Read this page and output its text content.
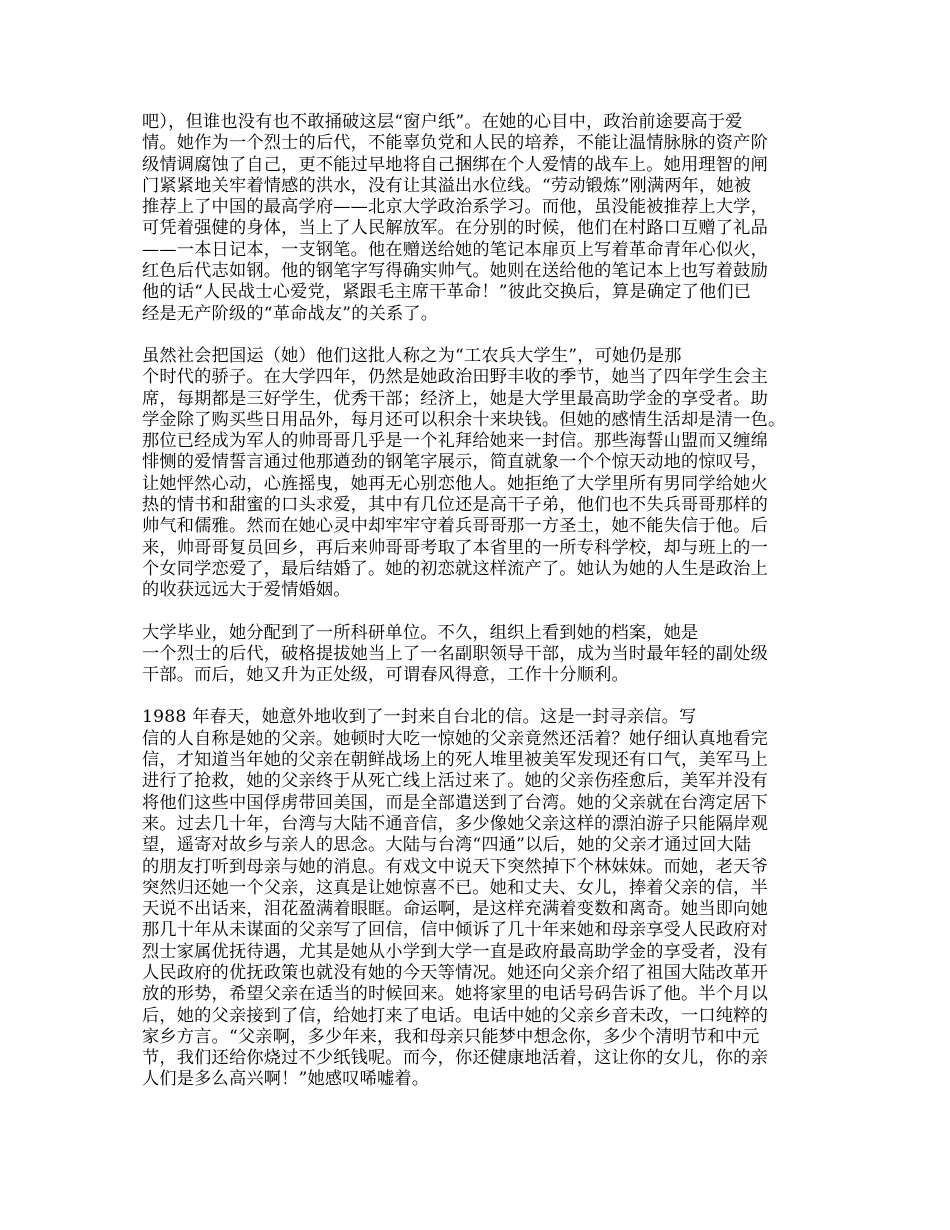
吧），但谁也没有也不敢捅破这层“窗户纸”。在她的心目中，政治前途要高于爱
情。她作为一个烈士的后代，不能辜负党和人民的培养，不能让温情脉脉的资产阶
级情调腐蚀了自己，更不能过早地将自己捆绑在个人爱情的战车上。她用理智的闸
门紧紧地关牢着情感的洪水，没有让其溢出水位线。“劳动锻炼”刚满两年，她被
推荐上了中国的最高学府——北京大学政治系学习。而他，虽没能被推荐上大学，
可凭着强健的身体，当上了人民解放军。在分别的时候，他们在村路口互赠了礼品
——一本日记本，一支钢笔。他在赠送给她的笔记本扉页上写着革命青年心似火，
红色后代志如钢。他的钢笔字写得确实帅气。她则在送给他的笔记本上也写着鼓励
他的话“人民战士心爱党，紧跟毛主席干革命！”彼此交换后，算是确定了他们已
经是无产阶级的“革命战友”的关系了。

虽然社会把国运（她）他们这批人称之为“工农兵大学生”，可她仍是那
个时代的骄子。在大学四年，仍然是她政治田野丰收的季节，她当了四年学生会主
席，每期都是三好学生，优秀干部；经济上，她是大学里最高助学金的享受者。助
学金除了购买些日用品外，每月还可以积余十来块钱。但她的感情生活却是清一色。
那位已经成为军人的帅哥哥几乎是一个礼拜给她来一封信。那些海誓山盟而又缠绵
悱恻的爱情誓言通过他那遒劲的钢笔字展示，简直就象一个个惊天动地的惊叹号，
让她怦然心动，心旌摇曳，她再无心别恋他人。她拒绝了大学里所有男同学给她火
热的情书和甜蜜的口头求爱，其中有几位还是高干子弟，他们也不失兵哥哥那样的
帅气和儒雅。然而在她心灵中却牢牢守着兵哥哥那一方圣土，她不能失信于他。后
来，帅哥哥复员回乡，再后来帅哥哥考取了本省里的一所专科学校，却与班上的一
个女同学恋爱了，最后结婚了。她的初恋就这样流产了。她认为她的人生是政治上
的收获远远大于爱情婚姻。

大学毕业，她分配到了一所科研单位。不久，组织上看到她的档案，她是
一个烈士的后代，破格提拔她当上了一名副职领导干部，成为当时最年轻的副处级
干部。而后，她又升为正处级，可谓春风得意，工作十分顺利。

1988 年春天，她意外地收到了一封来自台北的信。这是一封寻亲信。写
信的人自称是她的父亲。她顿时大吃一惊她的父亲竟然还活着？她仔细认真地看完
信，才知道当年她的父亲在朝鲜战场上的死人堆里被美军发现还有口气，美军马上
进行了抢救，她的父亲终于从死亡线上活过来了。她的父亲伤痊愈后，美军并没有
将他们这些中国俘虏带回美国，而是全部遣送到了台湾。她的父亲就在台湾定居下
来。过去几十年，台湾与大陆不通音信，多少像她父亲这样的漂泊游子只能隔岸观
望，遥寄对故乡与亲人的思念。大陆与台湾“四通”以后，她的父亲才通过回大陆
的朋友打听到母亲与她的消息。有戏文中说天下突然掉下个林妹妹。而她，老天爷
突然归还她一个父亲，这真是让她惊喜不已。她和丈夫、女儿，捧着父亲的信，半
天说不出话来，泪花盈满着眼眶。命运啊，是这样充满着变数和离奇。她当即向她
那几十年从未谋面的父亲写了回信，信中倾诉了几十年来她和母亲享受人民政府对
烈士家属优抚待遇，尤其是她从小学到大学一直是政府最高助学金的享受者，没有
人民政府的优抚政策也就没有她的今天等情况。她还向父亲介绍了祖国大陆改革开
放的形势，希望父亲在适当的时候回来。她将家里的电话号码告诉了他。半个月以
后，她的父亲接到了信，给她打来了电话。电话中她的父亲乡音未改，一口纯粹的
家乡方言。“父亲啊，多少年来，我和母亲只能梦中想念你，多少个清明节和中元
节，我们还给你烧过不少纸钱呢。而今，你还健康地活着，这让你的女儿，你的亲
人们是多么高兴啊！”她感叹唏嘘着。
